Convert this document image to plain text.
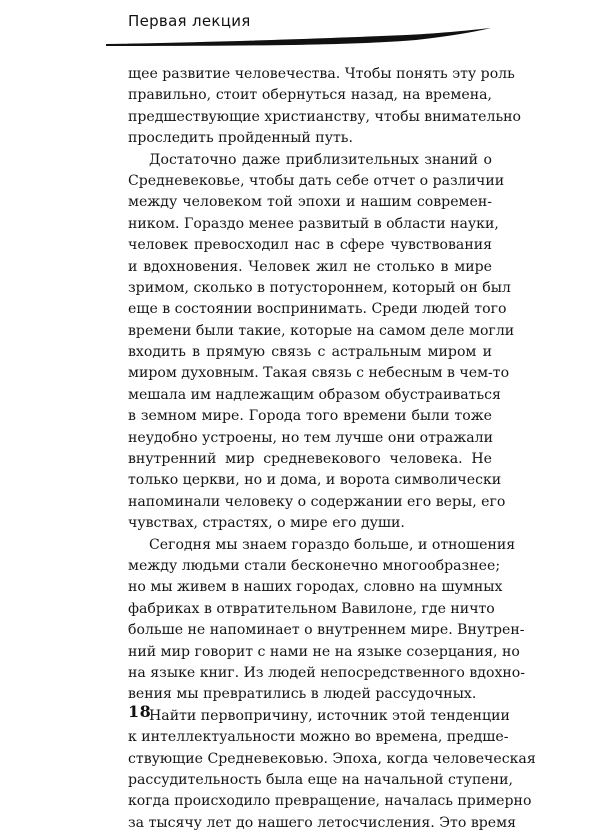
Первая лекция
щее развитие человечества. Чтобы понять эту роль
правильно, стоит обернуться назад, на времена,
предшествующие христианству, чтобы внимательно
проследить пройденный путь.
Достаточно даже приблизительных знаний о
Средневековье, чтобы дать себе отчет о различии
между человеком той эпохи и нашим современ-
ником. Гораздо менее развитый в области науки,
человек превосходил нас в сфере чувствования
и вдохновения. Человек жил не столько в мире
зримом, сколько в потустороннем, который он был
еще в состоянии воспринимать. Среди людей того
времени были такие, которые на самом деле могли
входить в прямую связь с астральным миром и
миром духовным. Такая связь с небесным в чем-то
мешала им надлежащим образом обустраиваться
в земном мире. Города того времени были тоже
неудобно устроены, но тем лучше они отражали
внутренний мир средневекового человека. Не
только церкви, но и дома, и ворота символически
напоминали человеку о содержании его веры, его
чувствах, страстях, о мире его души.
Сегодня мы знаем гораздо больше, и отношения
между людьми стали бесконечно многообразнее;
но мы живем в наших городах, словно на шумных
фабриках в отвратительном Вавилоне, где ничто
больше не напоминает о внутреннем мире. Внутрен-
ний мир говорит с нами не на языке созерцания, но
на языке книг. Из людей непосредственного вдохно-
вения мы превратились в людей рассудочных.
Найти первопричину, источник этой тенденции
к интеллектуальности можно во времена, предше-
ствующие Средневековью. Эпоха, когда человеческая
рассудительность была еще на начальной ступени,
когда происходило превращение, началась примерно
за тысячу лет до нашего летосчисления. Это время
18
